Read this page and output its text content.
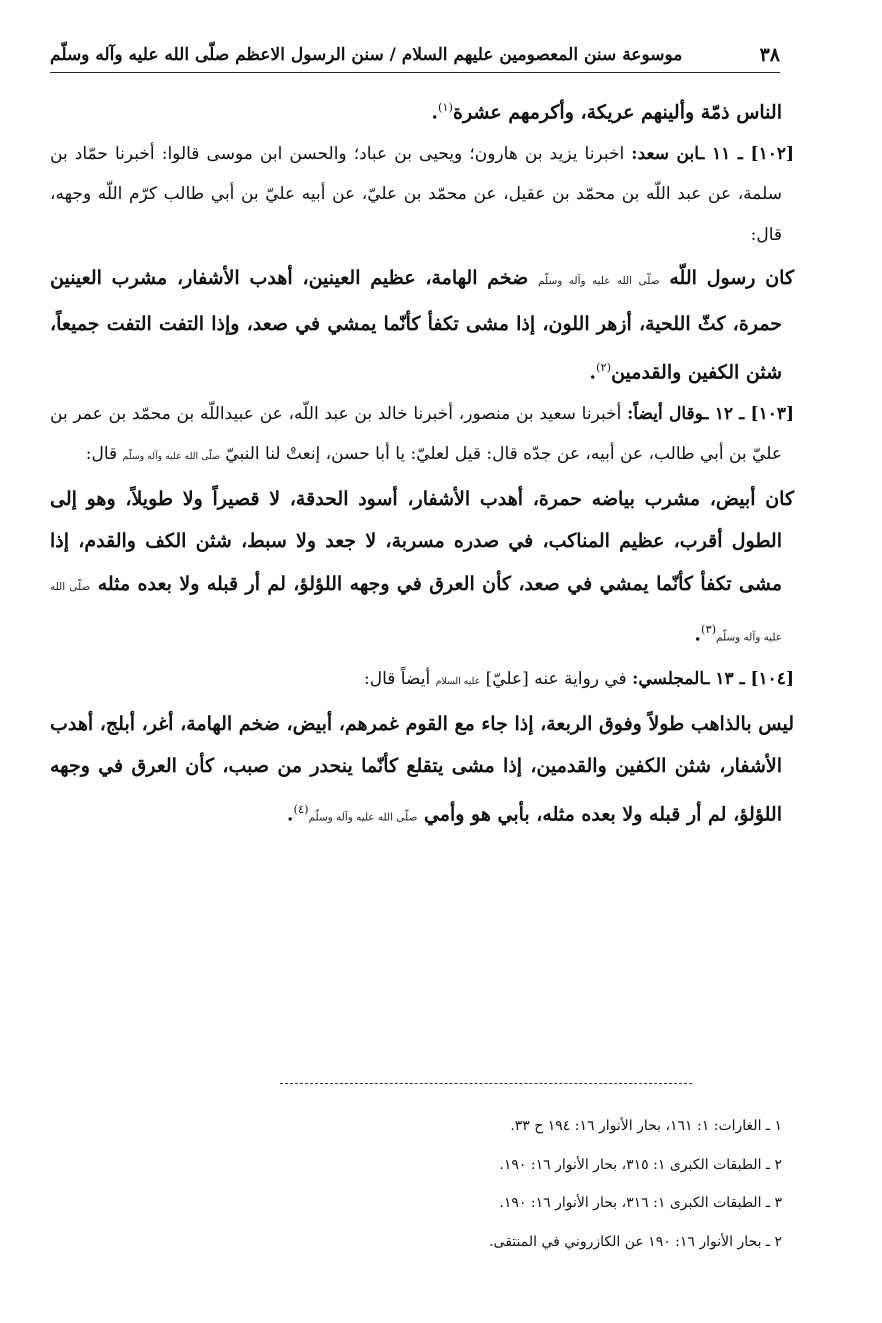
٣٨
موسوعة سنن المعصومين عليهم السلام / سنن الرسول الاعظم صلّى الله عليه وآله وسلّم

الناس ذمّة وألينهم عريكة، وأكرمهم عشرة$^{(١)}$.

[١٠٢] ـ ١١ ـابن سعد: اخبرنا يزيد بن هارون؛ ويحيى بن عباد؛ والحسن ابن موسى قالوا: أخبرنا حمّاد بن سلمة، عن عبد اللّه بن محمّد بن عقيل، عن محمّد بن عليّ، عن أبيه عليّ بن أبي طالب كرّم اللّه وجهه، قال:

كان رسول اللّه صلّى الله عليه وآله وسلّم ضخم الهامة، عظيم العينين، أهدب الأشفار، مشرب العينين حمرة، كثّ اللحية، أزهر اللون، إذا مشى تكفأ كأنّما يمشي في صعد، وإذا التفت التفت جميعاً، شثن الكفين والقدمين$^{(٢)}$.

[١٠٣] ـ ١٢ ـوقال أيضاً: أخبرنا سعيد بن منصور، أخبرنا خالد بن عبد اللّه، عن عبيداللّه بن محمّد بن عمر بن عليّ بن أبي طالب، عن أبيه، عن جدّه قال: قيل لعليّ: يا أبا حسن، إنعتْ لنا النبيّ صلّى الله عليه وآله وسلّم قال:

كان أبيض، مشرب بياضه حمرة، أهدب الأشفار، أسود الحدقة، لا قصيراً ولا طويلاً، وهو إلى الطول أقرب، عظيم المناكب، في صدره مسربة، لا جعد ولا سبط، شثن الكف والقدم، إذا مشى تكفأ كأنّما يمشي في صعد، كأن العرق في وجهه اللؤلؤ، لم أر قبله ولا بعده مثله صلّى الله عليه وآله وسلّم$^{(٣)}$.

[١٠٤] ـ ١٣ ـالمجلسي: في رواية عنه [عليّ] عليه السلام أيضاً قال:

ليس بالذاهب طولاً وفوق الربعة، إذا جاء مع القوم غمرهم، أبيض، ضخم الهامة، أغر، أبلج، أهدب الأشفار، شثن الكفين والقدمين، إذا مشى يتقلع كأنّما ينحدر من صبب، كأن العرق في وجهه اللؤلؤ، لم أر قبله ولا بعده مثله، بأبي هو وأمي صلّى الله عليه وآله وسلّم$^{(٤)}$.

١ ـ الغارات: ١: ١٦١، بحار الأنوار ١٦: ١٩٤ ح ٣٣.
٢ ـ الطبقات الكبرى ١: ٣١٥، بحار الأنوار ١٦: ١٩٠.
٣ ـ الطبقات الكبرى ١: ٣١٦، بحار الأنوار ١٦: ١٩٠.
٢ ـ بحار الأنوار ١٦: ١٩٠ عن الكازروني في المنتقى.
